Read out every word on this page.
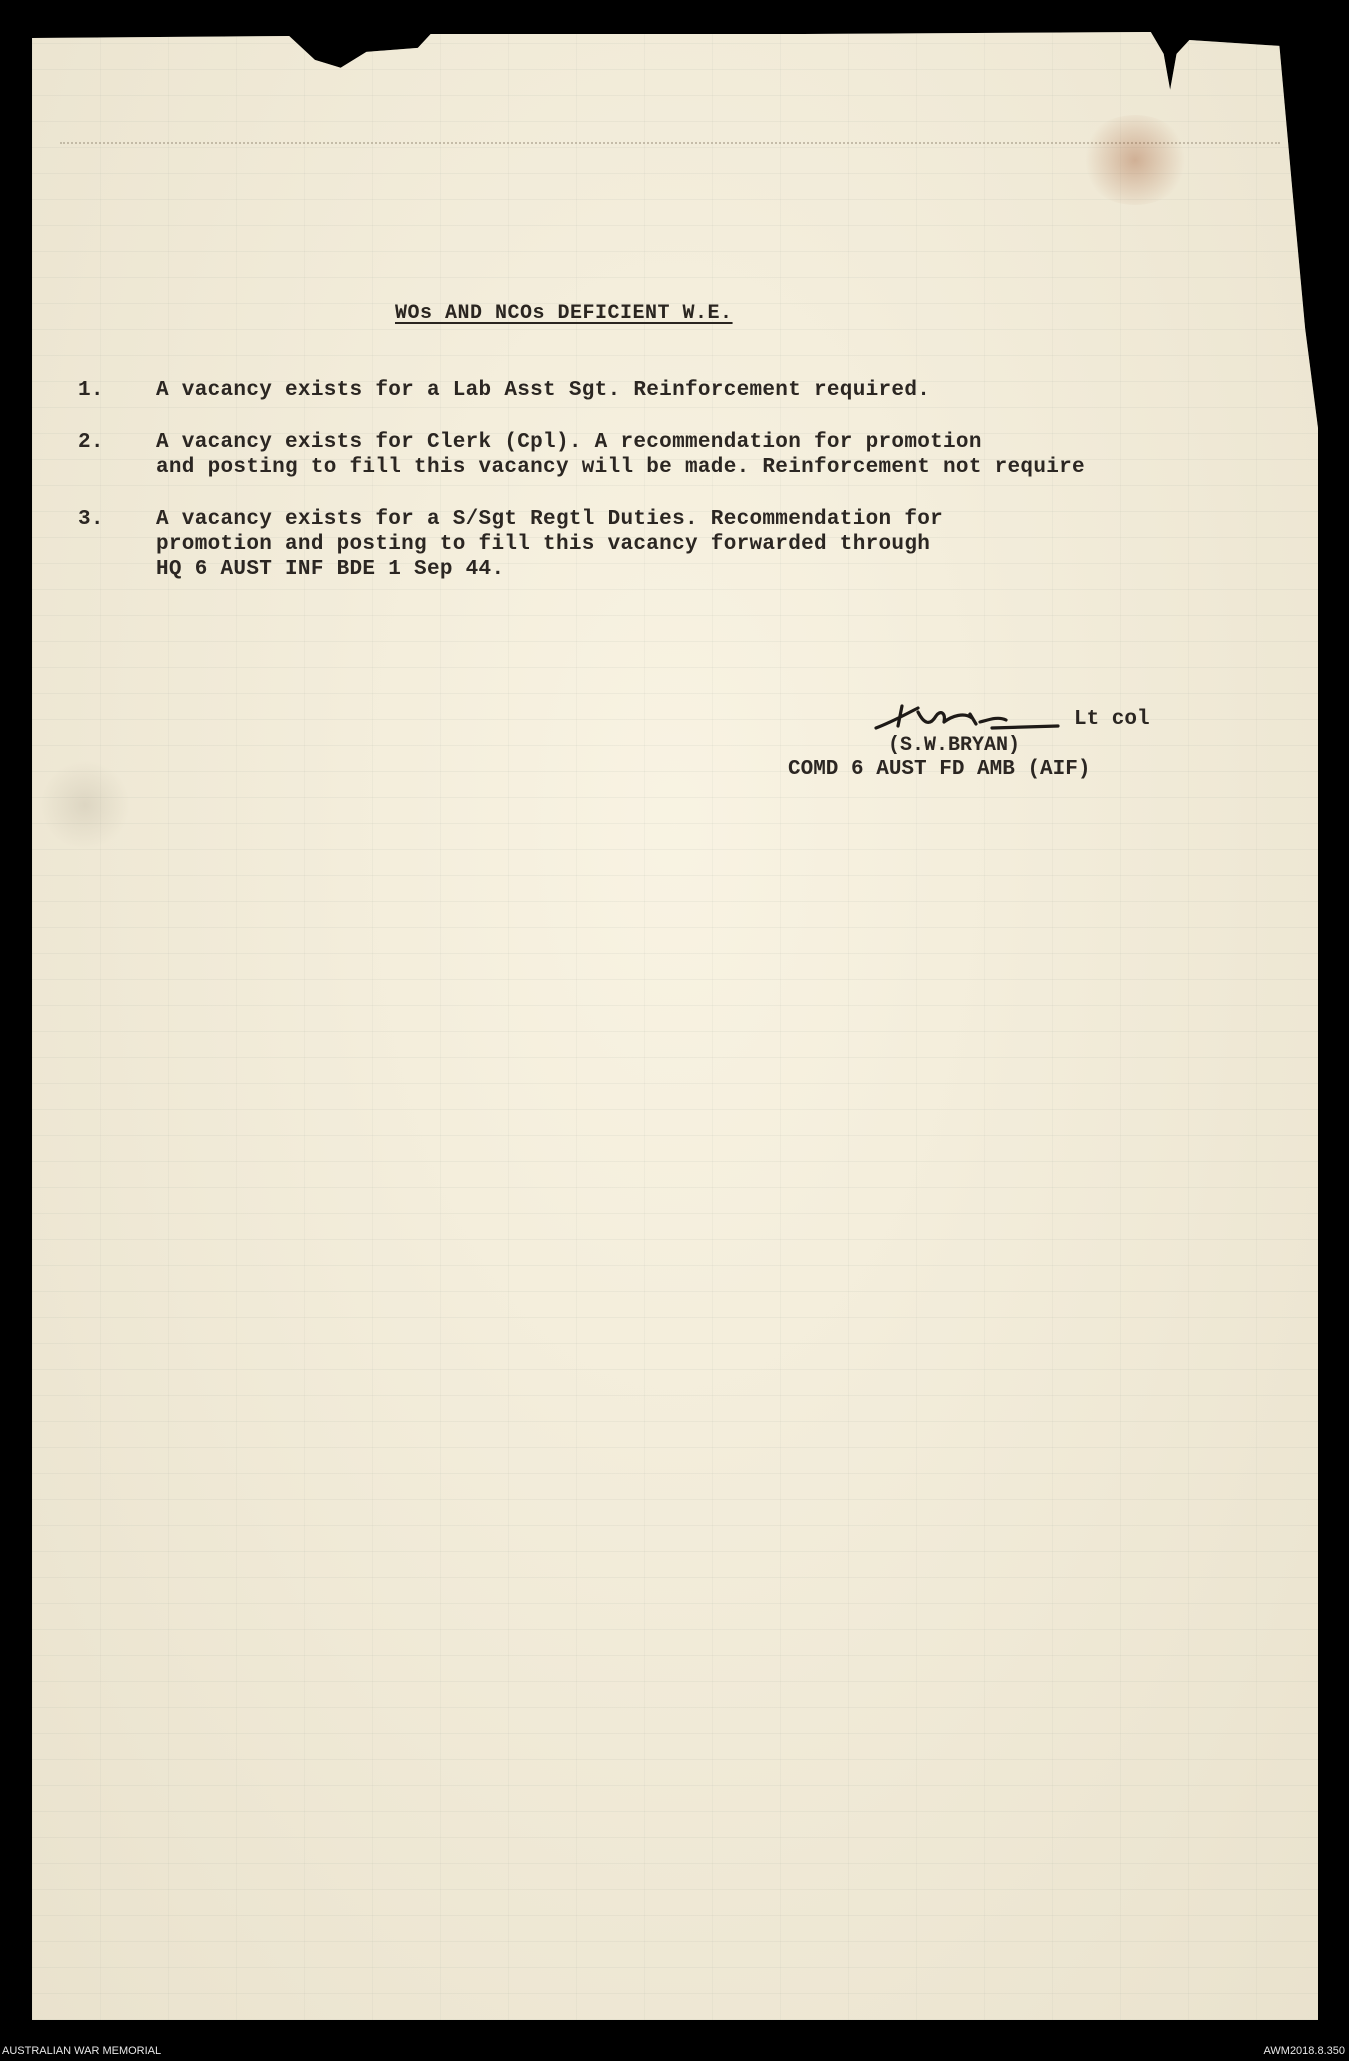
WOs AND NCOs DEFICIENT W.E.
1.	A vacancy exists for a Lab Asst Sgt. Reinforcement required.
2.	A vacancy exists for Clerk (Cpl). A recommendation for promotion
and posting to fill this vacancy will be made. Reinforcement not require
3.	A vacancy exists for a S/Sgt Regtl Duties. Recommendation for
promotion and posting to fill this vacancy forwarded through
HQ 6 AUST INF BDE 1 Sep 44.
Lt col
(S.W.BRYAN)
COMD 6 AUST FD AMB (AIF)
AUSTRALIAN WAR MEMORIAL	AWM2018.8.350
